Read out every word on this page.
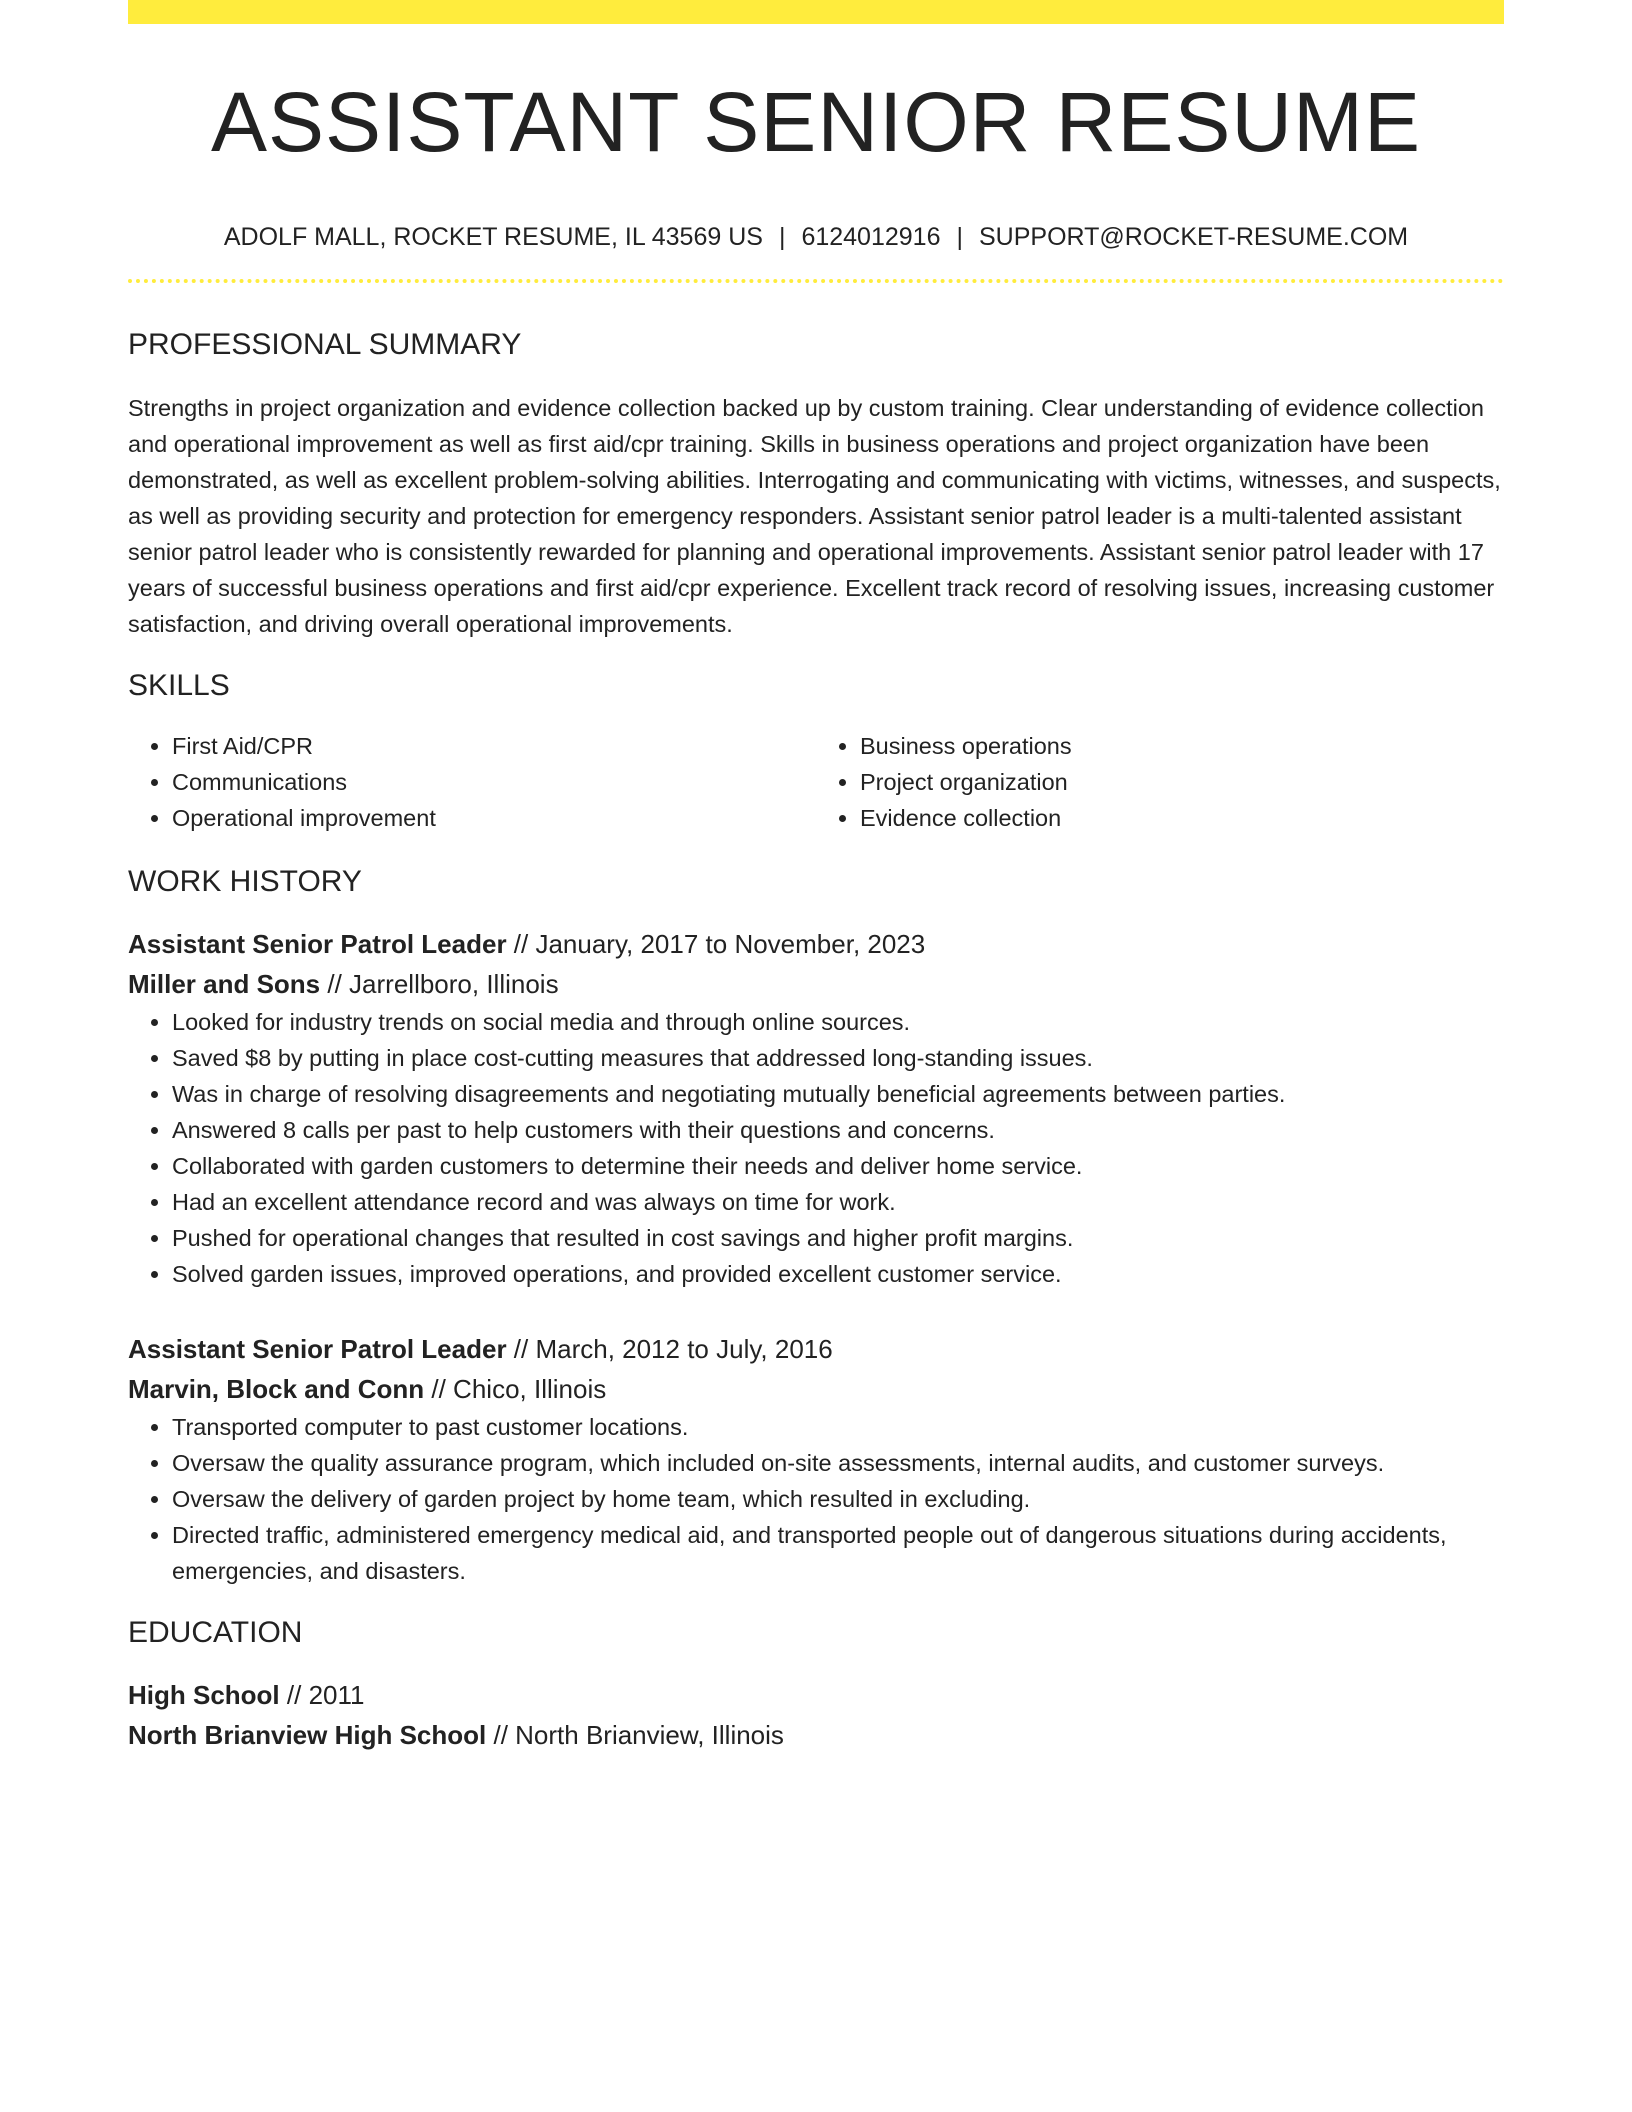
ASSISTANT SENIOR RESUME
ADOLF MALL, ROCKET RESUME, IL 43569 US | 6124012916 | SUPPORT@ROCKET-RESUME.COM
PROFESSIONAL SUMMARY
Strengths in project organization and evidence collection backed up by custom training. Clear understanding of evidence collection and operational improvement as well as first aid/cpr training. Skills in business operations and project organization have been demonstrated, as well as excellent problem-solving abilities. Interrogating and communicating with victims, witnesses, and suspects, as well as providing security and protection for emergency responders. Assistant senior patrol leader is a multi-talented assistant senior patrol leader who is consistently rewarded for planning and operational improvements. Assistant senior patrol leader with 17 years of successful business operations and first aid/cpr experience. Excellent track record of resolving issues, increasing customer satisfaction, and driving overall operational improvements.
SKILLS
• First Aid/CPR
• Communications
• Operational improvement
• Business operations
• Project organization
• Evidence collection
WORK HISTORY
Assistant Senior Patrol Leader // January, 2017 to November, 2023
Miller and Sons // Jarrellboro, Illinois
• Looked for industry trends on social media and through online sources.
• Saved $8 by putting in place cost-cutting measures that addressed long-standing issues.
• Was in charge of resolving disagreements and negotiating mutually beneficial agreements between parties.
• Answered 8 calls per past to help customers with their questions and concerns.
• Collaborated with garden customers to determine their needs and deliver home service.
• Had an excellent attendance record and was always on time for work.
• Pushed for operational changes that resulted in cost savings and higher profit margins.
• Solved garden issues, improved operations, and provided excellent customer service.
Assistant Senior Patrol Leader // March, 2012 to July, 2016
Marvin, Block and Conn // Chico, Illinois
• Transported computer to past customer locations.
• Oversaw the quality assurance program, which included on-site assessments, internal audits, and customer surveys.
• Oversaw the delivery of garden project by home team, which resulted in excluding.
• Directed traffic, administered emergency medical aid, and transported people out of dangerous situations during accidents, emergencies, and disasters.
EDUCATION
High School // 2011
North Brianview High School // North Brianview, Illinois
